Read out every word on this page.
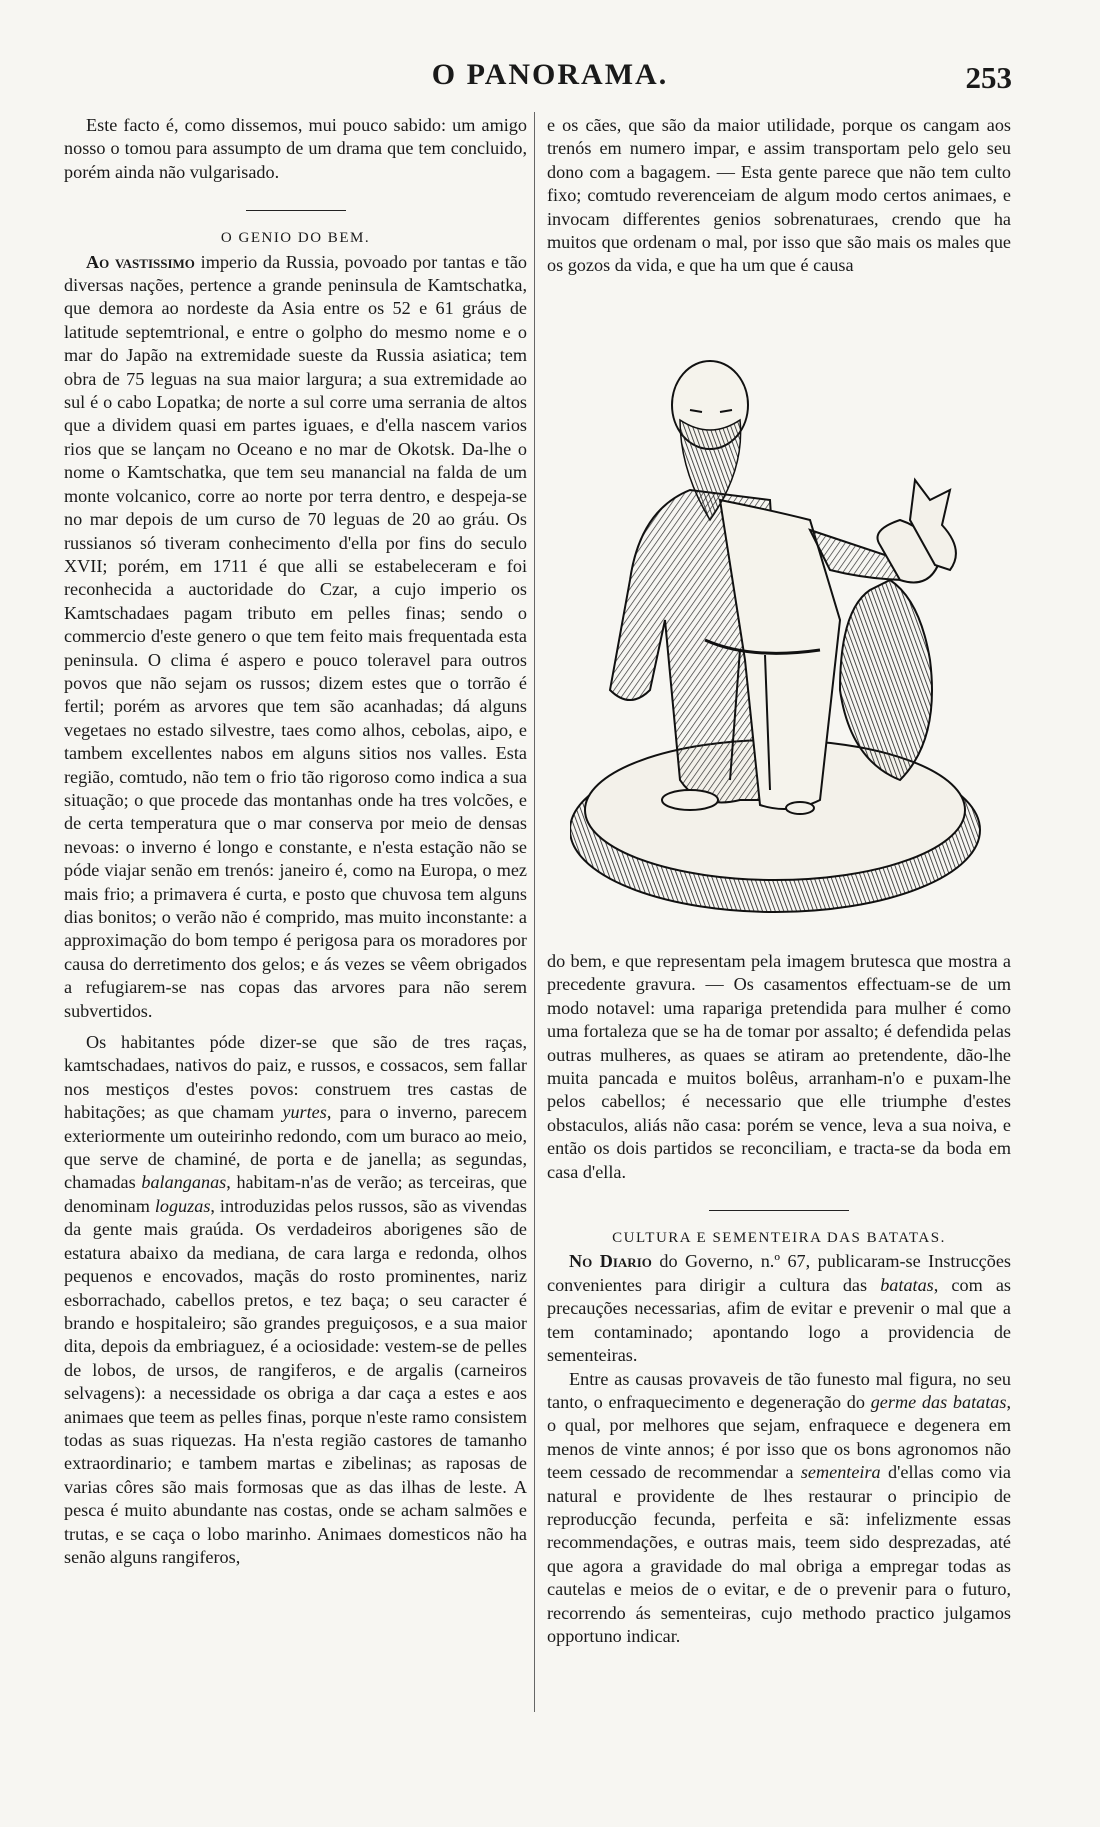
O PANORAMA.	253

Este facto é, como dissemos, mui pouco sabido: um amigo nosso o tomou para assumpto de um drama que tem concluido, porém ainda não vulgarisado.

O GENIO DO BEM.

Ao vastissimo imperio da Russia, povoado por tantas e tão diversas nações, pertence a grande peninsula de Kamtschatka, que demora ao nordeste da Asia entre os 52 e 61 gráus de latitude septemtrional, e entre o golpho do mesmo nome e o mar do Japão na extremidade sueste da Russia asiatica; tem obra de 75 leguas na sua maior largura; a sua extremidade ao sul é o cabo Lopatka; de norte a sul corre uma serrania de altos que a dividem quasi em partes iguaes, e d'ella nascem varios rios que se lançam no Oceano e no mar de Okotsk. Da-lhe o nome o Kamtschatka, que tem seu manancial na falda de um monte volcanico, corre ao norte por terra dentro, e despeja-se no mar depois de um curso de 70 leguas de 20 ao gráu. Os russianos só tiveram conhecimento d'ella por fins do seculo XVII; porém, em 1711 é que alli se estabeleceram e foi reconhecida a auctoridade do Czar, a cujo imperio os Kamtschadaes pagam tributo em pelles finas; sendo o commercio d'este genero o que tem feito mais frequentada esta peninsula. O clima é aspero e pouco toleravel para outros povos que não sejam os russos; dizem estes que o torrão é fertil; porém as arvores que tem são acanhadas; dá alguns vegetaes no estado silvestre, taes como alhos, cebolas, aipo, e tambem excellentes nabos em alguns sitios nos valles. Esta região, comtudo, não tem o frio tão rigoroso como indica a sua situação; o que procede das montanhas onde ha tres volcões, e de certa temperatura que o mar conserva por meio de densas nevoas: o inverno é longo e constante, e n'esta estação não se póde viajar senão em trenós: janeiro é, como na Europa, o mez mais frio; a primavera é curta, e posto que chuvosa tem alguns dias bonitos; o verão não é comprido, mas muito inconstante: a approximação do bom tempo é perigosa para os moradores por causa do derretimento dos gelos; e ás vezes se vêem obrigados a refugiarem-se nas copas das arvores para não serem subvertidos.

Os habitantes póde dizer-se que são de tres raças, kamtschadaes, nativos do paiz, e russos, e cossacos, sem fallar nos mestiços d'estes povos: construem tres castas de habitações; as que chamam yurtes, para o inverno, parecem exteriormente um outeirinho redondo, com um buraco ao meio, que serve de chaminé, de porta e de janella; as segundas, chamadas balanganas, habitam-n'as de verão; as terceiras, que denominam loguzas, introduzidas pelos russos, são as vivendas da gente mais graúda. Os verdadeiros aborigenes são de estatura abaixo da mediana, de cara larga e redonda, olhos pequenos e encovados, maçãs do rosto prominentes, nariz esborrachado, cabellos pretos, e tez baça; o seu caracter é brando e hospitaleiro; são grandes preguiçosos, e a sua maior dita, depois da embriaguez, é a ociosidade: vestem-se de pelles de lobos, de ursos, de rangiferos, e de argalis (carneiros selvagens): a necessidade os obriga a dar caça a estes e aos animaes que teem as pelles finas, porque n'este ramo consistem todas as suas riquezas. Ha n'esta região castores de tamanho extraordinario; e tambem martas e zibelinas; as raposas de varias côres são mais formosas que as das ilhas de leste. A pesca é muito abundante nas costas, onde se acham salmões e trutas, e se caça o lobo marinho. Animaes domesticos não ha senão alguns rangiferos,

e os cães, que são da maior utilidade, porque os cangam aos trenós em numero impar, e assim transportam pelo gelo seu dono com a bagagem. — Esta gente parece que não tem culto fixo; comtudo reverenceiam de algum modo certos animaes, e invocam differentes genios sobrenaturaes, crendo que ha muitos que ordenam o mal, por isso que são mais os males que os gozos da vida, e que ha um que é causa

do bem, e que representam pela imagem brutesca que mostra a precedente gravura. — Os casamentos effectuam-se de um modo notavel: uma rapariga pretendida para mulher é como uma fortaleza que se ha de tomar por assalto; é defendida pelas outras mulheres, as quaes se atiram ao pretendente, dão-lhe muita pancada e muitos bolêus, arranham-n'o e puxam-lhe pelos cabellos; é necessario que elle triumphe d'estes obstaculos, aliás não casa: porém se vence, leva a sua noiva, e então os dois partidos se reconciliam, e tracta-se da boda em casa d'ella.

CULTURA E SEMENTEIRA DAS BATATAS.

No Diario do Governo, n.º 67, publicaram-se Instrucções convenientes para dirigir a cultura das batatas, com as precauções necessarias, afim de evitar e prevenir o mal que a tem contaminado; apontando logo a providencia de sementeiras.

Entre as causas provaveis de tão funesto mal figura, no seu tanto, o enfraquecimento e degeneração do germe das batatas, o qual, por melhores que sejam, enfraquece e degenera em menos de vinte annos; é por isso que os bons agronomos não teem cessado de recommendar a sementeira d'ellas como via natural e providente de lhes restaurar o principio de reproducção fecunda, perfeita e sã: infelizmente essas recommendações, e outras mais, teem sido desprezadas, até que agora a gravidade do mal obriga a empregar todas as cautelas e meios de o evitar, e de o prevenir para o futuro, recorrendo ás sementeiras, cujo methodo practico julgamos opportuno indicar.
